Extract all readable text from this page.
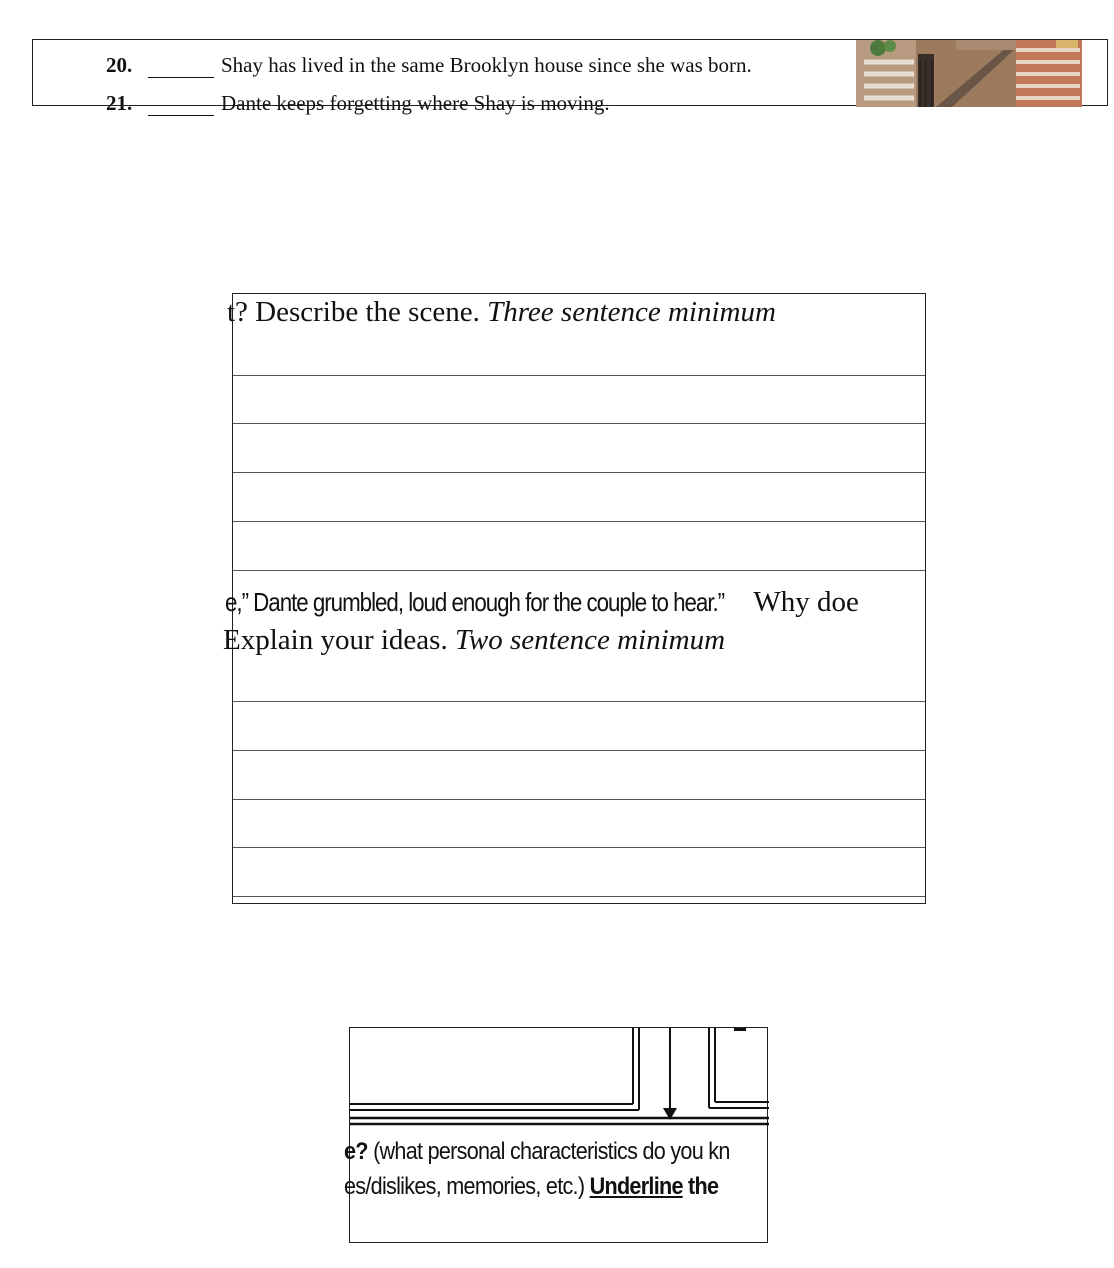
20.	Shay has lived in the same Brooklyn house since she was born.
21.	Dante keeps forgetting where Shay is moving.
t? Describe the scene. Three sentence minimum
e,” Dante grumbled, loud enough for the couple to hear.” Why doe
Explain your ideas. Two sentence minimum
e? (what personal characteristics do you kn
es/dislikes, memories, etc.) Underline the
